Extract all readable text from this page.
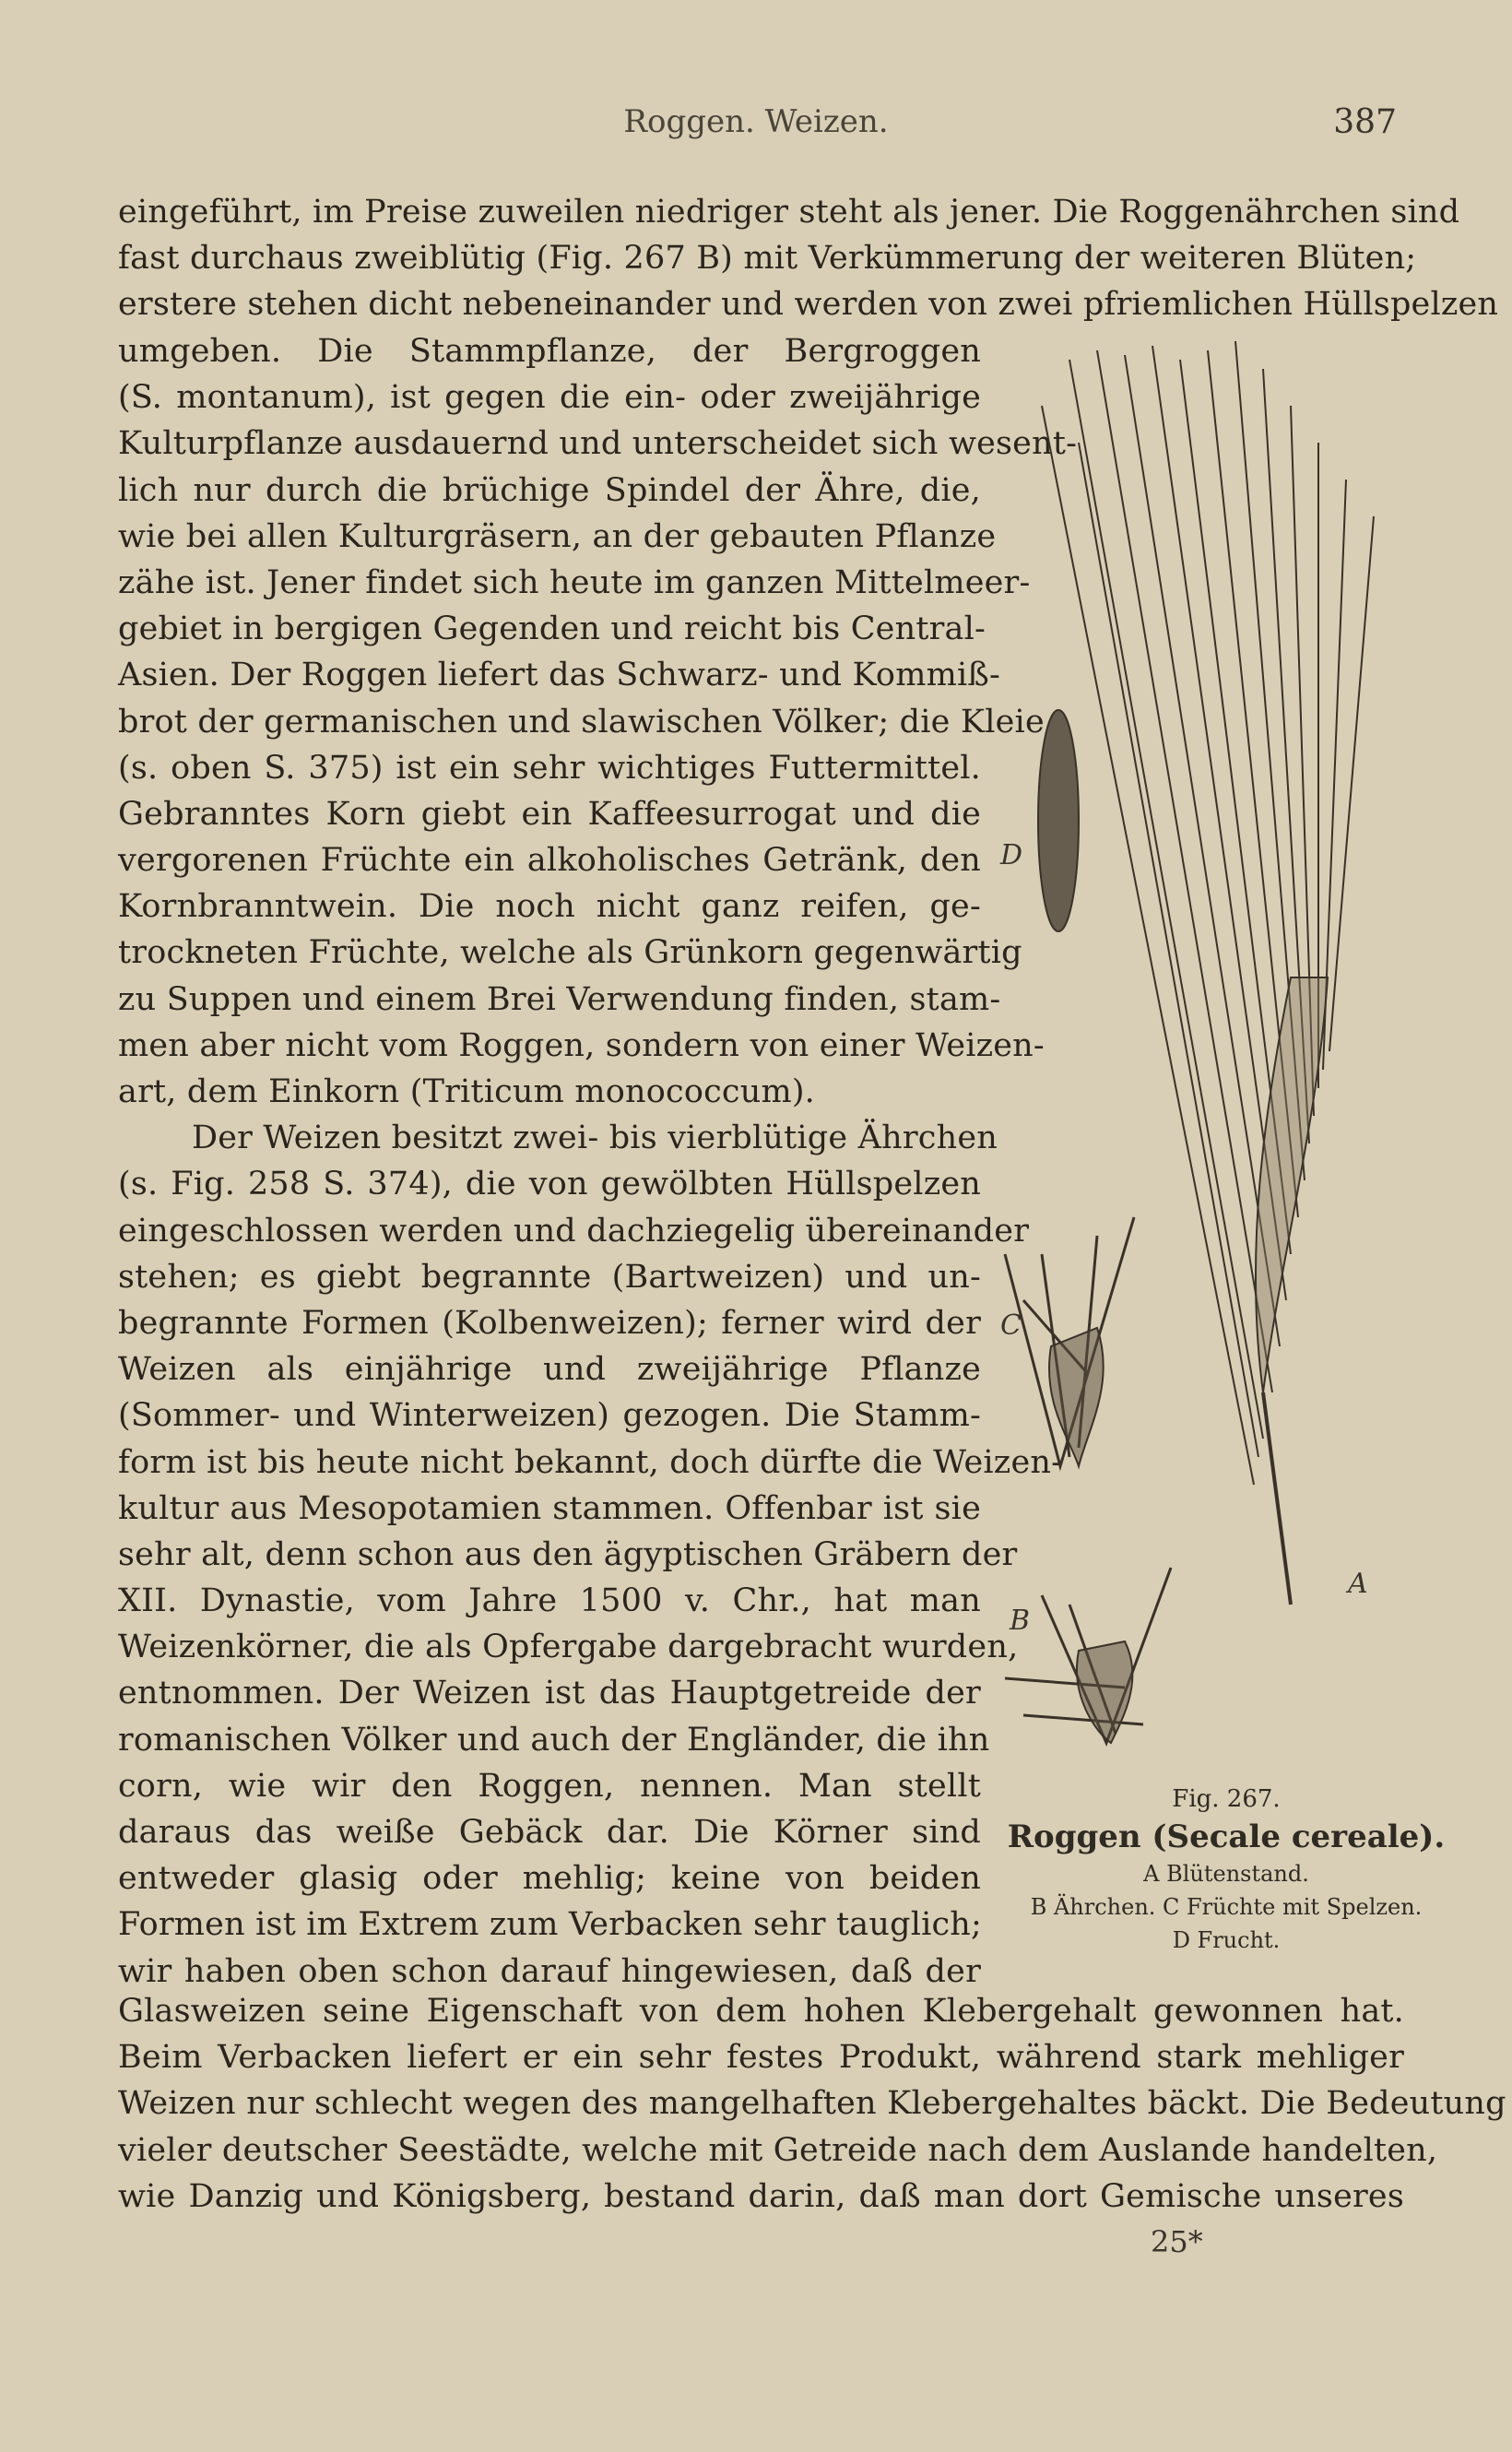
Roggen. Weizen.	387
eingeführt, im Preise zuweilen niedriger steht als jener. Die Roggenährchen sind
fast durchaus zweiblütig (Fig. 267 B) mit Verkümmerung der weiteren Blüten;
erstere stehen dicht nebeneinander und werden von zwei pfriemlichen Hüllspelzen
umgeben. Die Stammpflanze, der Bergroggen
(S. montanum), ist gegen die ein- oder zweijährige
Kulturpflanze ausdauernd und unterscheidet sich wesent-
lich nur durch die brüchige Spindel der Ähre, die,
wie bei allen Kulturgräsern, an der gebauten Pflanze
zähe ist. Jener findet sich heute im ganzen Mittelmeer-
gebiet in bergigen Gegenden und reicht bis Central-
Asien. Der Roggen liefert das Schwarz- und Kommiß-
brot der germanischen und slawischen Völker; die Kleie
(s. oben S. 375) ist ein sehr wichtiges Futtermittel.
Gebranntes Korn giebt ein Kaffeesurrogat und die
vergorenen Früchte ein alkoholisches Getränk, den
Kornbranntwein. Die noch nicht ganz reifen, ge-
trockneten Früchte, welche als Grünkorn gegenwärtig
zu Suppen und einem Brei Verwendung finden, stam-
men aber nicht vom Roggen, sondern von einer Weizen-
art, dem Einkorn (Triticum monococcum).
Der Weizen besitzt zwei- bis vierblütige Ährchen
(s. Fig. 258 S. 374), die von gewölbten Hüllspelzen
eingeschlossen werden und dachziegelig übereinander
stehen; es giebt begrannte (Bartweizen) und un-
begrannte Formen (Kolbenweizen); ferner wird der
Weizen als einjährige und zweijährige Pflanze
(Sommer- und Winterweizen) gezogen. Die Stamm-
form ist bis heute nicht bekannt, doch dürfte die Weizen-
kultur aus Mesopotamien stammen. Offenbar ist sie
sehr alt, denn schon aus den ägyptischen Gräbern der
XII. Dynastie, vom Jahre 1500 v. Chr., hat man
Weizenkörner, die als Opfergabe dargebracht wurden,
entnommen. Der Weizen ist das Hauptgetreide der
romanischen Völker und auch der Engländer, die ihn
corn, wie wir den Roggen, nennen. Man stellt
daraus das weiße Gebäck dar. Die Körner sind
entweder glasig oder mehlig; keine von beiden
Formen ist im Extrem zum Verbacken sehr tauglich;
wir haben oben schon darauf hingewiesen, daß der
Glasweizen seine Eigenschaft von dem hohen Klebergehalt gewonnen hat.
Beim Verbacken liefert er ein sehr festes Produkt, während stark mehliger
Weizen nur schlecht wegen des mangelhaften Klebergehaltes bäckt. Die Bedeutung
vieler deutscher Seestädte, welche mit Getreide nach dem Auslande handelten,
wie Danzig und Königsberg, bestand darin, daß man dort Gemische unseres
D
C
B
A
Fig. 267.
Roggen (Secale cereale).
A Blütenstand.
B Ährchen. C Früchte mit Spelzen.
D Frucht.
25*
